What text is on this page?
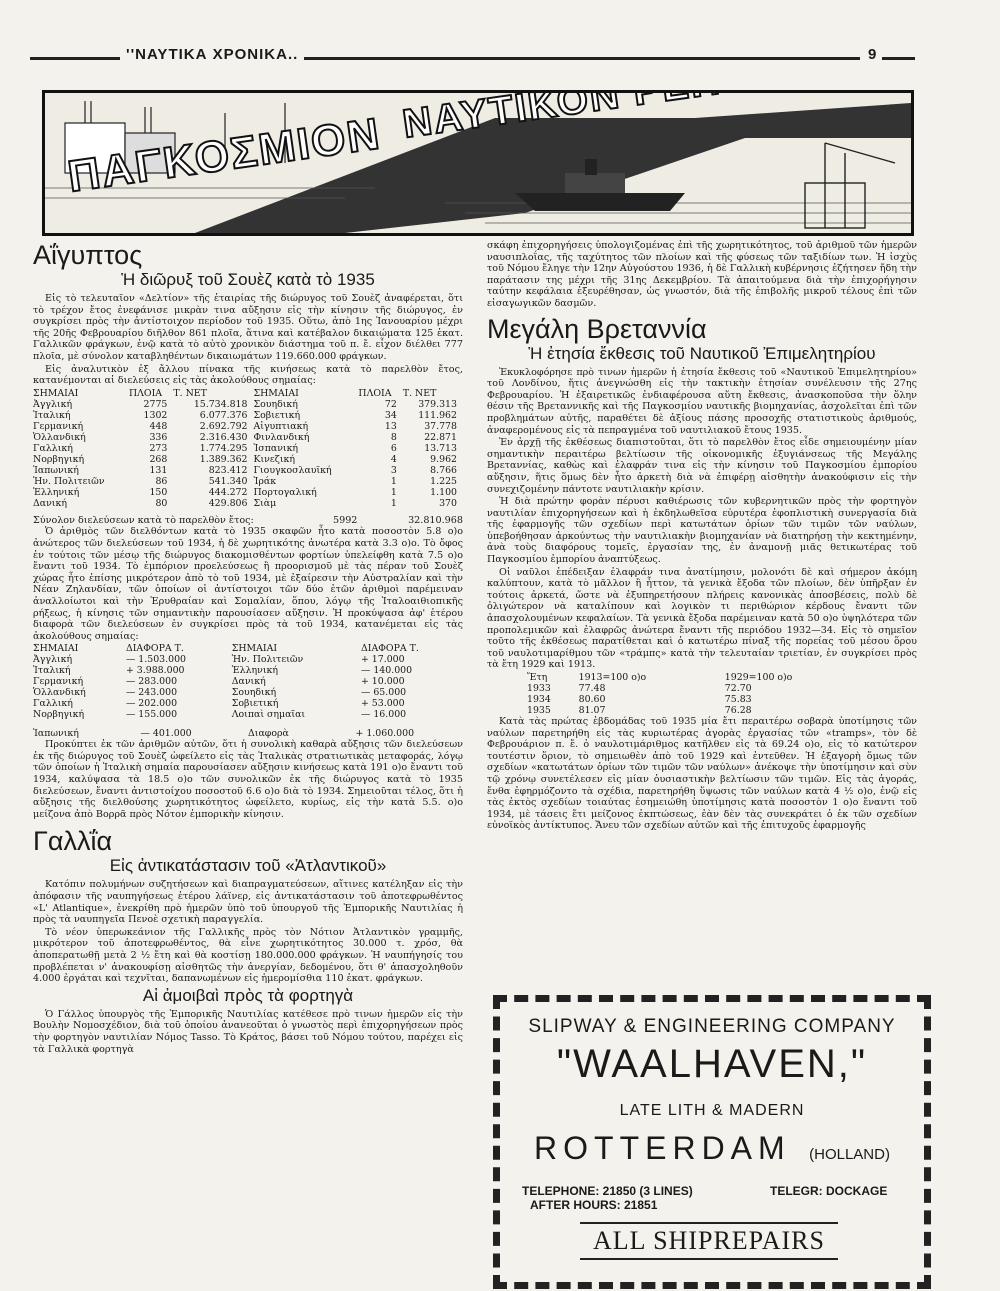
''ΝΑΥΤΙΚΑ ΧΡΟΝΙΚΑ..	9
ΠΑΓΚΟΣΜΙΟΝ
Αΐγυπτος
Ἡ διῶρυξ τοῦ Σουὲζ κατὰ τὸ 1935

Εἰς τὸ τελευταῖον «Δελτίον» τῆς ἑταιρίας τῆς διώρυγος τοῦ Σουὲζ ἀναφέρεται, ὅτι τὸ τρέχον ἔτος ἐνεφάνισε μικρὰν τινα αὔξησιν εἰς τὴν κίνησιν τῆς διώρυγος, ἐν συγκρίσει πρὸς τὴν ἀντίστοιχον περίοδον τοῦ 1935. Οὕτω, ἀπὸ 1ης Ἰανουαρίου μέχρι τῆς 20ῆς Φεβρουαρίου διῆλθον 861 πλοῖα, ἅτινα καὶ κατέβαλον δικαιώματα 125 ἑκατ. Γαλλικῶν φράγκων, ἐνῷ κατὰ τὸ αὐτὸ χρονικὸν διάστημα τοῦ π. ἔ. εἶχον διέλθει 777 πλοῖα, μὲ σύνολον καταβληθέντων δικαιωμάτων 119.660.000 φράγκων.

Εἰς ἀναλυτικὸν ἐξ ἄλλου πίνακα τῆς κινήσεως κατὰ τὸ παρελθὸν ἔτος, κατανέμονται αἱ διελεύσεις εἰς τὰς ἀκολούθους σημαίας:

ΣΗΜΑΙΑΙ	ΠΛΟΙΑ	Τ. ΝΕΤ	ΣΗΜΑΙΑΙ	ΠΛΟΙΑ	Τ. ΝΕΤ
Ἀγγλική	2775	15.734.818	Σουηδική	72	379.313
Ἰταλική	1302	6.077.376	Σοβιετική	34	111.962
Γερμανική	448	2.692.792	Αἰγυπτιακή	13	37.778
Ὁλλανδική	336	2.316.430	Φινλανδική	8	22.871
Γαλλική	273	1.774.295	Ἱσπανική	6	13.713
Νορβηγική	268	1.389.362	Κινεζική	4	9.962
Ἰαπωνική	131	823.412	Γιουγκοσλαυϊκή	3	8.766
Ἡν. Πολιτειῶν	86	541.340	Ἰράκ	1	1.225
Ἑλληνική	150	444.272	Πορτογαλική	1	1.100
Δανική	80	429.806	Σιὰμ	1	370
Σύνολον διελεύσεων κατὰ τὸ παρελθὸν ἔτος:	5992	32.810.968

Ὁ ἀριθμὸς τῶν διελθόντων κατὰ τὸ 1935 σκαφῶν ἦτο κατὰ ποσοστὸν 5.8 ο)ο ἀνώτερος τῶν διελεύσεων τοῦ 1934, ἡ δὲ χωρητικότης ἀνωτέρα κατὰ 3.3 ο)ο. Τὸ ὄφος ἐν τούτοις τῶν μέσῳ τῆς διώρυγος διακομισθέντων φορτίων ὑπελείφθη κατὰ 7.5 ο)ο ἔναντι τοῦ 1934. Τὸ ἐμπόριον προελεύσεως ἢ προορισμοῦ μὲ τὰς πέραν τοῦ Σουὲζ χώρας ἦτο ἐπίσης μικρότερον ἀπὸ τὸ τοῦ 1934, μὲ ἐξαίρεσιν τὴν Αὐστραλίαν καὶ τὴν Νέαν Ζηλανδίαν, τῶν ὁποίων οἱ ἀντίστοιχοι τῶν δύο ἐτῶν ἀριθμοὶ παρέμειναν ἀναλλοίωτοι καὶ τὴν Ἐρυθραίαν καὶ Σομαλίαν, ὅπου, λόγῳ τῆς Ἰταλοαιθιοπικῆς ρήξεως, ἡ κίνησις τῶν σημαντικὴν παρουσίασεν αὔξησιν. Ἡ προκύψασα ἀφ' ἑτέρου διαφορὰ τῶν διελεύσεων ἐν συγκρίσει πρὸς τὰ τοῦ 1934, κατανέμεται εἰς τὰς ἀκολούθους σημαίας:

ΣΗΜΑΙΑΙ	ΔΙΑΦΟΡΑ Τ.	ΣΗΜΑΙΑΙ	ΔΙΑΦΟΡΑ Τ.
Ἀγγλική	— 1.503.000	Ἡν. Πολιτειῶν	+ 17.000
Ἰταλική	+ 3.988.000	Ἑλληνική	— 140.000
Γερμανική	— 283.000	Δανική	+ 10.000
Ὁλλανδική	— 243.000	Σουηδική	— 65.000
Γαλλική	— 202.000	Σοβιετική	+ 53.000
Νορβηγική	— 155.000	Λοιπαὶ σημαῖαι	— 16.000
Ἰαπωνική	— 401.000	Διαφορὰ	+ 1.060.000

Προκύπτει ἐκ τῶν ἀριθμῶν αὐτῶν, ὅτι ἡ συνολικὴ καθαρὰ αὔξησις τῶν διελεύσεων ἐκ τῆς διώρυγος τοῦ Σουὲζ ὠφείλετο εἰς τὰς Ἰταλικὰς στρατιωτικὰς μεταφοράς, λόγῳ τῶν ὁποίων ἡ Ἰταλικὴ σημαία παρουσίασεν αὔξησιν κινήσεως κατὰ 191 ο)ο ἔναντι τοῦ 1934, καλύψασα τὰ 18.5 ο)ο τῶν συνολικῶν ἐκ τῆς διώρυγος κατὰ τὸ 1935 διελεύσεων, ἔναντι ἀντιστοίχου ποσοστοῦ 6.6 ο)ο διὰ τὸ 1934. Σημειοῦται τέλος, ὅτι ἡ αὔξησις τῆς διελθούσης χωρητικότητος ὠφείλετο, κυρίως, εἰς τὴν κατὰ 5.5. ο)ο μείζονα ἀπὸ Βορρᾶ πρὸς Νότον ἐμπορικὴν κίνησιν.

Γαλλΐα
Εἰς ἀντικατάστασιν τοῦ «Ἀτλαντικοῦ»

Κατόπιν πολυμήνων συζητήσεων καὶ διαπραγματεύσεων, αἵτινες κατέληξαν εἰς τὴν ἀπόφασιν τῆς ναυπηγήσεως ἑτέρου λάϊνερ, εἰς ἀντικατάστασιν τοῦ ἀποτεφρωθέντος «L' Atlantique», ἐνεκρίθη πρὸ ἡμερῶν ὑπὸ τοῦ ὑπουργοῦ τῆς Ἐμπορικῆς Ναυτιλίας ἡ πρὸς τὰ ναυπηγεῖα Πενοὲ σχετικὴ παραγγελία.

Τὸ νέον ὑπερωκεάνιον τῆς Γαλλικῆς πρὸς τὸν Νότιον Ἀτλαντικὸν γραμμῆς, μικρότερον τοῦ ἀποτεφρωθέντος, θὰ εἶνε χωρητικότητος 30.000 τ. χρόσ, θὰ ἀποπερατωθῇ μετὰ 2 ½ ἔτη καὶ θὰ κοστίσῃ 180.000.000 φράγκων. Ἡ ναυπήγησίς του προβλέπεται ν' ἀνακουφίσῃ αἰσθητῶς τὴν ἀνεργίαν, δεδομένου, ὅτι θ' ἀπασχοληθοῦν 4.000 ἐργάται καὶ τεχνῖται, δαπανωμένων εἰς ἡμερομίσθια 110 ἑκατ. φράγκων.

Αἱ ἀμοιβαὶ πρὸς τὰ φορτηγὰ

Ὁ Γάλλος ὑπουργὸς τῆς Ἐμπορικῆς Ναυτιλίας κατέθεσε πρὸ τινων ἡμερῶν εἰς τὴν Βουλὴν Νομοσχέδιον, διὰ τοῦ ὁποίου ἀνανεοῦται ὁ γνωστὸς περὶ ἐπιχορηγήσεων πρὸς τὴν φορτηγὸν ναυτιλίαν Νόμος Tasso. Τὸ Κράτος, βάσει τοῦ Νόμου τούτου, παρέχει εἰς τὰ Γαλλικὰ φορτηγὰ

σκάφη ἐπιχορηγήσεις ὑπολογιζομένας ἐπὶ τῆς χωρητικότητος, τοῦ ἀριθμοῦ τῶν ἡμερῶν ναυσιπλοΐας, τῆς ταχύτητος τῶν πλοίων καὶ τῆς φύσεως τῶν ταξιδίων των. Ἡ ἰσχὺς τοῦ Νόμου ἔληγε τὴν 12ην Αὐγούστου 1936, ἡ δὲ Γαλλικὴ κυβέρνησις ἐζήτησεν ἤδη τὴν παράτασιν της μέχρι τῆς 31ης Δεκεμβρίου. Τὰ ἀπαιτούμενα διὰ τὴν ἐπιχορήγησιν ταύτην κεφάλαια ἐξευρέθησαν, ὡς γνωστόν, διὰ τῆς ἐπιβολῆς μικροῦ τέλους ἐπὶ τῶν εἰσαγωγικῶν δασμῶν.

Μεγάλη Βρεταννία
Ἡ ἐτησία ἔκθεσις τοῦ Ναυτικοῦ Ἐπιμελητηρίου

Ἐκυκλοφόρησε πρὸ τινων ἡμερῶν ἡ ἐτησία ἔκθεσις τοῦ «Ναυτικοῦ Ἐπιμελητηρίου» τοῦ Λονδίνου, ἥτις ἀνεγνώσθη εἰς τὴν τακτικὴν ἐτησίαν συνέλευσιν τῆς 27ης Φεβρουαρίου. Ἡ ἐξαιρετικῶς ἐνδιαφέρουσα αὕτη ἔκθεσις, ἀνασκοποῦσα τὴν ὅλην θέσιν τῆς Βρεταννικῆς καὶ τῆς Παγκοσμίου ναυτικῆς βιομηχανίας, ἀσχολεῖται ἐπὶ τῶν προβλημάτων αὐτῆς, παραθέτει δὲ ἀξίους πάσης προσοχῆς στατιστικοὺς ἀριθμούς, ἀναφερομένους εἰς τὰ πεπραγμένα τοῦ ναυτιλιακοῦ ἔτους 1935.

Ἐν ἀρχῇ τῆς ἐκθέσεως διαπιστοῦται, ὅτι τὸ παρελθὸν ἔτος εἶδε σημειουμένην μίαν σημαντικὴν περαιτέρω βελτίωσιν τῆς οἰκονομικῆς ἐξυγιάνσεως τῆς Μεγάλης Βρεταννίας, καθὼς καὶ ἐλαφράν τινα εἰς τὴν κίνησιν τοῦ Παγκοσμίου ἐμπορίου αὔξησιν, ἥτις ὅμως δὲν ἦτο ἀρκετὴ διὰ νὰ ἐπιφέρῃ αἰσθητὴν ἀνακούφισιν εἰς τὴν συνεχιζομένην πάντοτε ναυτιλιακὴν κρίσιν.

Ἡ διὰ πρώτην φορὰν πέρυσι καθιέρωσις τῶν κυβερνητικῶν πρὸς τὴν φορτηγὸν ναυτιλίαν ἐπιχορηγήσεων καὶ ἡ ἐκδηλωθεῖσα εὐρυτέρα ἐφοπλιστικὴ συνεργασία διὰ τῆς ἐφαρμογῆς τῶν σχεδίων περὶ κατωτάτων ὁρίων τῶν τιμῶν τῶν ναύλων, ὑπεβοήθησαν ἀρκούντως τὴν ναυτιλιακὴν βιομηχανίαν νὰ διατηρήσῃ τὴν κεκτημένην, ἀνὰ τοὺς διαφόρους τομεῖς, ἐργασίαν της, ἐν ἀναμονῇ μιᾶς θετικωτέρας τοῦ Παγκοσμίου ἐμπορίου ἀναπτύξεως.

Οἱ ναῦλοι ἐπέδειξαν ἐλαφράν τινα ἀνατίμησιν, μολονότι δὲ καὶ σήμερον ἀκόμη καλύπτουν, κατὰ τὸ μᾶλλον ἢ ἧττον, τὰ γενικὰ ἔξοδα τῶν πλοίων, δὲν ὑπῆρξαν ἐν τούτοις ἀρκετά, ὥστε νὰ ἐξυπηρετήσουν πλήρεις κανονικὰς ἀποσβέσεις, πολὺ δὲ ὀλιγώτερον νὰ καταλίπουν καὶ λογικὸν τι περιθώριον κέρδους ἔναντι τῶν ἀπασχολουμένων κεφαλαίων. Τὰ γενικὰ ἔξοδα παρέμειναν κατὰ 50 ο)ο ὑψηλότερα τῶν προπολεμικῶν καὶ ἐλαφρῶς ἀνώτερα ἔναντι τῆς περιόδου 1932—34. Εἰς τὸ σημεῖον τοῦτο τῆς ἐκθέσεως παρατίθεται καὶ ὁ κατωτέρω πίναξ τῆς πορείας τοῦ μέσου ὅρου τοῦ ναυλοτιμαρίθμου τῶν «τράμπς» κατὰ τὴν τελευταίαν τριετίαν, ἐν συγκρίσει πρὸς τὰ ἔτη 1929 καὶ 1913.

Ἔτη	1913=100 ο)ο	1929=100 ο)ο
1933	77.48	72.70
1934	80.60	75.83
1935	81.07	76.28

Κατὰ τὰς πρώτας ἑβδομάδας τοῦ 1935 μία ἔτι περαιτέρω σοβαρὰ ὑποτίμησις τῶν ναύλων παρετηρήθη εἰς τὰς κυριωτέρας ἀγορὰς ἐργασίας τῶν «tramps», τὸν δὲ Φεβρουάριον π. ἔ. ὁ ναυλοτιμάριθμος κατῆλθεν εἰς τὰ 69.24 ο)ο, εἰς τὸ κατώτερον τουτέστιν ὅριον, τὸ σημειωθὲν ἀπὸ τοῦ 1929 καὶ ἐντεῦθεν. Ἡ ἐξαγορὴ ὅμως τῶν σχεδίων «κατωτάτων ὁρίων τῶν τιμῶν τῶν ναύλων» ἀνέκοψε τὴν ὑποτίμησιν καὶ σὺν τῷ χρόνῳ συνετέλεσεν εἰς μίαν ὀυσιαστικὴν βελτίωσιν τῶν τιμῶν. Εἰς τὰς ἀγοράς, ἔνθα ἐφηρμόζοντο τὰ σχέδια, παρετηρήθη ὕψωσις τῶν ναύλων κατὰ 4 ½ ο)ο, ἐνῷ εἰς τὰς ἐκτὸς σχεδίων τοιαύτας ἐσημειώθη ὑποτίμησις κατὰ ποσοστὸν 1 ο)ο ἔναντι τοῦ 1934, μὲ τάσεις ἔτι μείζονος ἐκπτώσεως, ἐὰν δὲν τὰς συνεκράτει ὁ ἐκ τῶν σχεδίων εὐνοϊκὸς ἀντίκτυπος. Ἄνευ τῶν σχεδίων αὐτῶν καὶ τῆς ἐπιτυχοῦς ἐφαρμογῆς

SLIPWAY & ENGINEERING COMPANY
"WAALHAVEN,"
LATE LITH & MADERN
ROTTERDAM (HOLLAND)
TELEPHONE: 21850 (3 LINES)
AFTER HOURS: 21851
TELEGR: DOCKAGE
ALL SHIPREPAIRS
